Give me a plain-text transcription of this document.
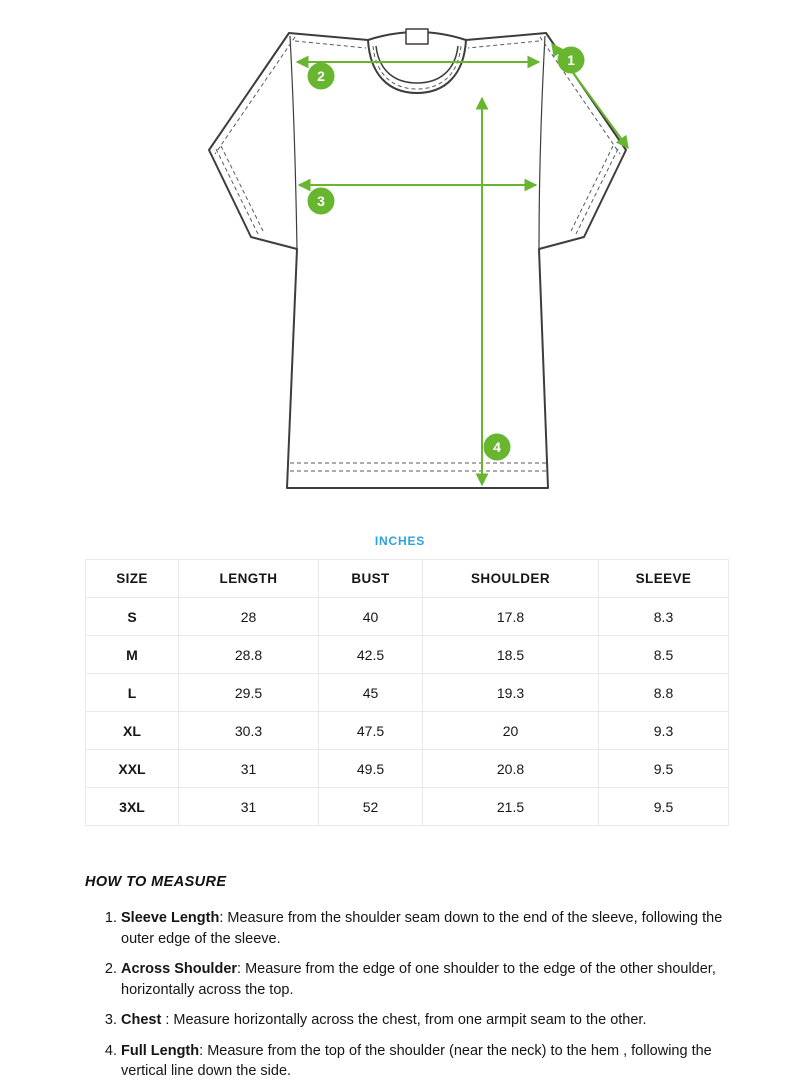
1
2
3
4
INCHES
SIZE	LENGTH	BUST	SHOULDER	SLEEVE
S	28	40	17.8	8.3
M	28.8	42.5	18.5	8.5
L	29.5	45	19.3	8.8
XL	30.3	47.5	20	9.3
XXL	31	49.5	20.8	9.5
3XL	31	52	21.5	9.5
HOW TO MEASURE
1. Sleeve Length: Measure from the shoulder seam down to the end of the sleeve, following the outer edge of the sleeve.
2. Across Shoulder: Measure from the edge of one shoulder to the edge of the other shoulder, horizontally across the top.
3. Chest : Measure horizontally across the chest, from one armpit seam to the other.
4. Full Length: Measure from the top of the shoulder (near the neck) to the hem , following the vertical line down the side.
